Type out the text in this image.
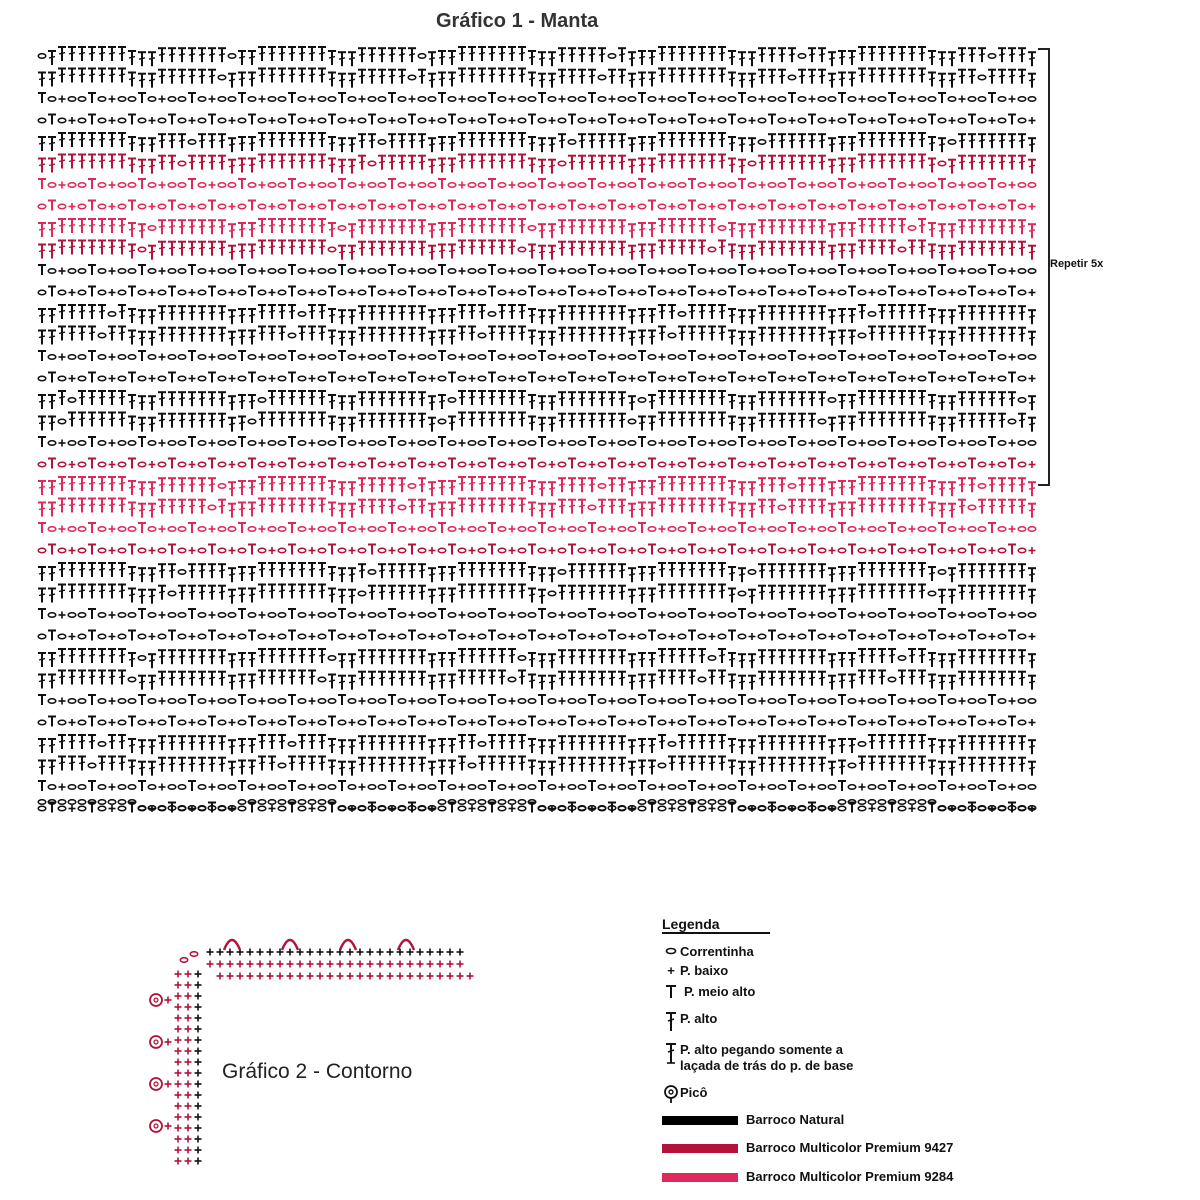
Gráfico 1 - Manta
Repetir 5x
Gráfico 2 - Contorno
Legenda
Correntinha
+ P. baixo
P. meio alto
P. alto
P. alto pegando somente a
laçada de trás do p. de base
Picô
Barroco Natural
Barroco Multicolor Premium 9427
Barroco Multicolor Premium 9284
